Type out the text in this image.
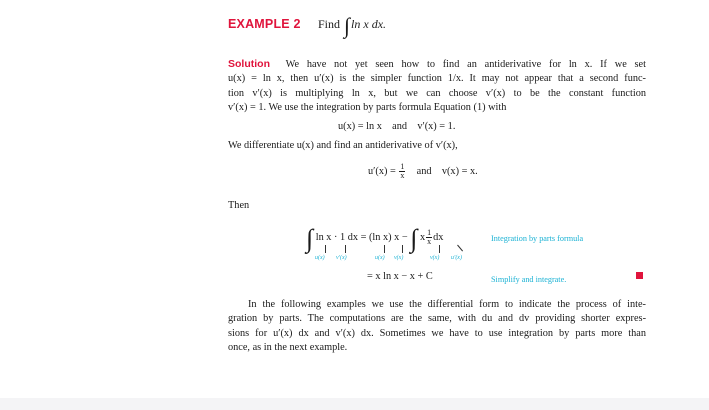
EXAMPLE 2 Find ∫ln x dx.
Solution We have not yet seen how to find an antiderivative for ln x. If we set
u(x) = ln x, then u′(x) is the simpler function 1/x. It may not appear that a second func-
tion v′(x) is multiplying ln x, but we can choose v′(x) to be the constant function
v′(x) = 1. We use the integration by parts formula Equation (1) with
u(x) = ln x and v′(x) = 1.
We differentiate u(x) and find an antiderivative of v′(x),
$u'(x) = \frac{1}{x}$ and v(x) = x.
Then
∫ ln x · 1 dx = (ln x) x − ∫ x $\frac{1}{x}$ dx	Integration by parts formula
u(x) v′(x)	u(x) v(x)	v(x) u′(x)
= x ln x − x + C	Simplify and integrate.
In the following examples we use the differential form to indicate the process of inte-
gration by parts. The computations are the same, with du and dv providing shorter expres-
sions for u′(x) dx and v′(x) dx. Sometimes we have to use integration by parts more than
once, as in the next example.
